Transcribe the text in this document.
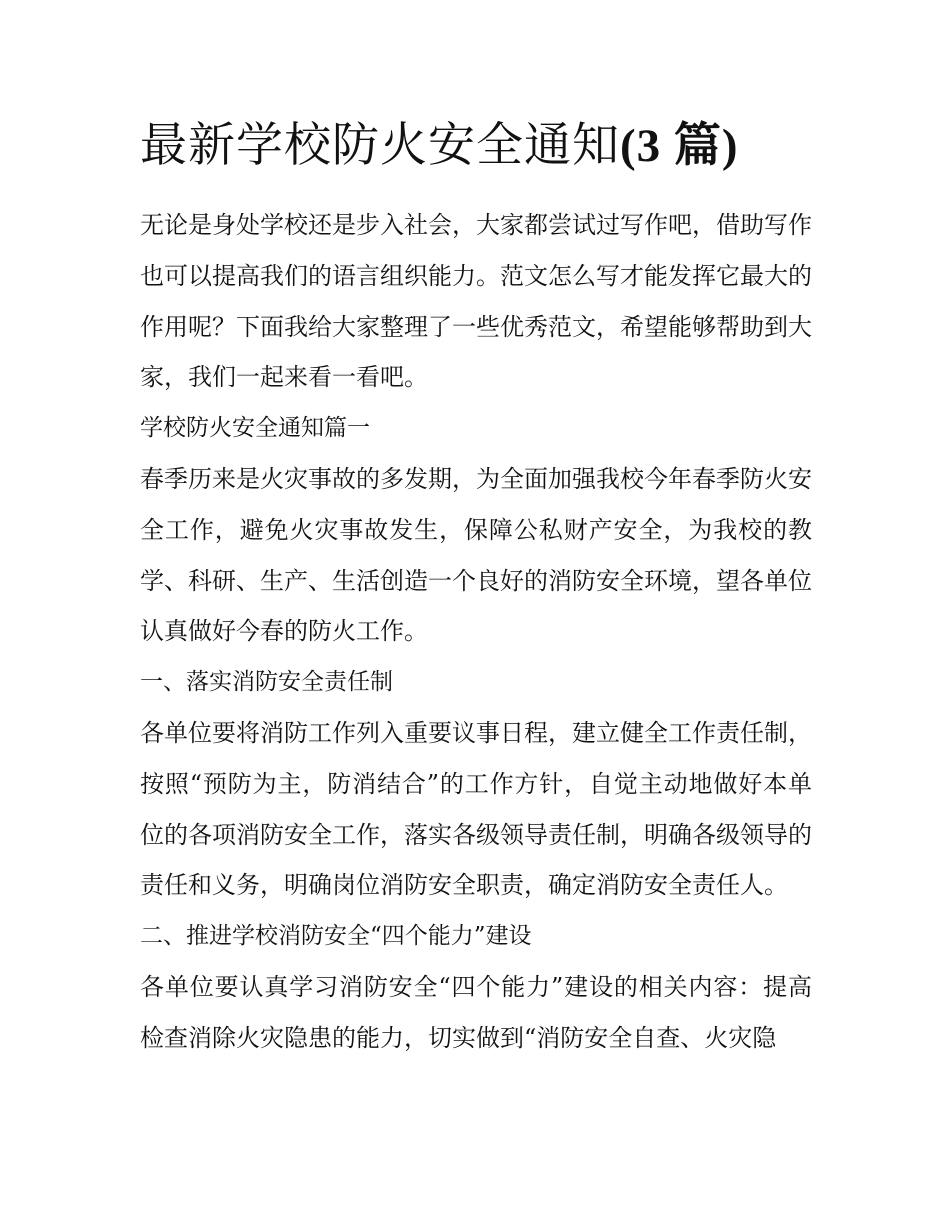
最新学校防火安全通知(3 篇)

无论是身处学校还是步入社会，大家都尝试过写作吧，借助写作也可以提高我们的语言组织能力。范文怎么写才能发挥它最大的作用呢？下面我给大家整理了一些优秀范文，希望能够帮助到大家，我们一起来看一看吧。

学校防火安全通知篇一

春季历来是火灾事故的多发期，为全面加强我校今年春季防火安全工作，避免火灾事故发生，保障公私财产安全，为我校的教学、科研、生产、生活创造一个良好的消防安全环境，望各单位认真做好今春的防火工作。

一、落实消防安全责任制

各单位要将消防工作列入重要议事日程，建立健全工作责任制，按照“预防为主，防消结合”的工作方针，自觉主动地做好本单位的各项消防安全工作，落实各级领导责任制，明确各级领导的责任和义务，明确岗位消防安全职责，确定消防安全责任人。

二、推进学校消防安全“四个能力”建设

各单位要认真学习消防安全“四个能力”建设的相关内容：提高检查消除火灾隐患的能力，切实做到“消防安全自查、火灾隐
